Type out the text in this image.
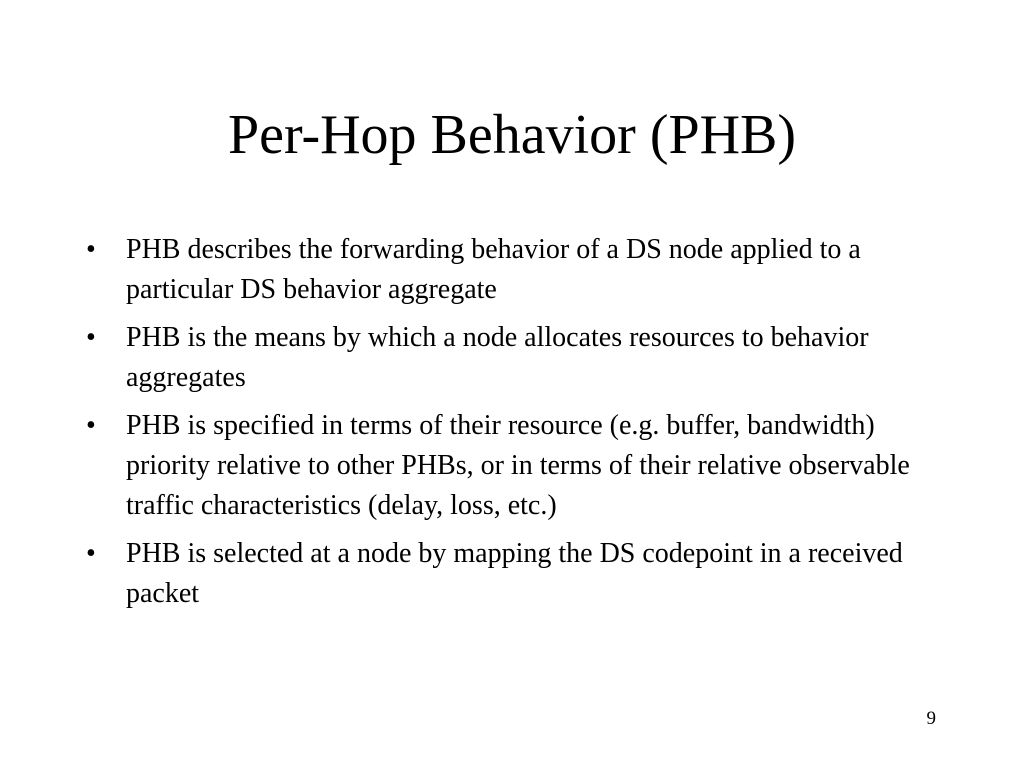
Per-Hop Behavior (PHB)
• PHB describes the forwarding behavior of a DS node applied to a particular DS behavior aggregate
• PHB is the means by which a node allocates resources to behavior aggregates
• PHB is specified in terms of their resource (e.g. buffer, bandwidth) priority relative to other PHBs, or in terms of their relative observable traffic characteristics (delay, loss, etc.)
• PHB is selected at a node by mapping the DS codepoint in a received packet
9
